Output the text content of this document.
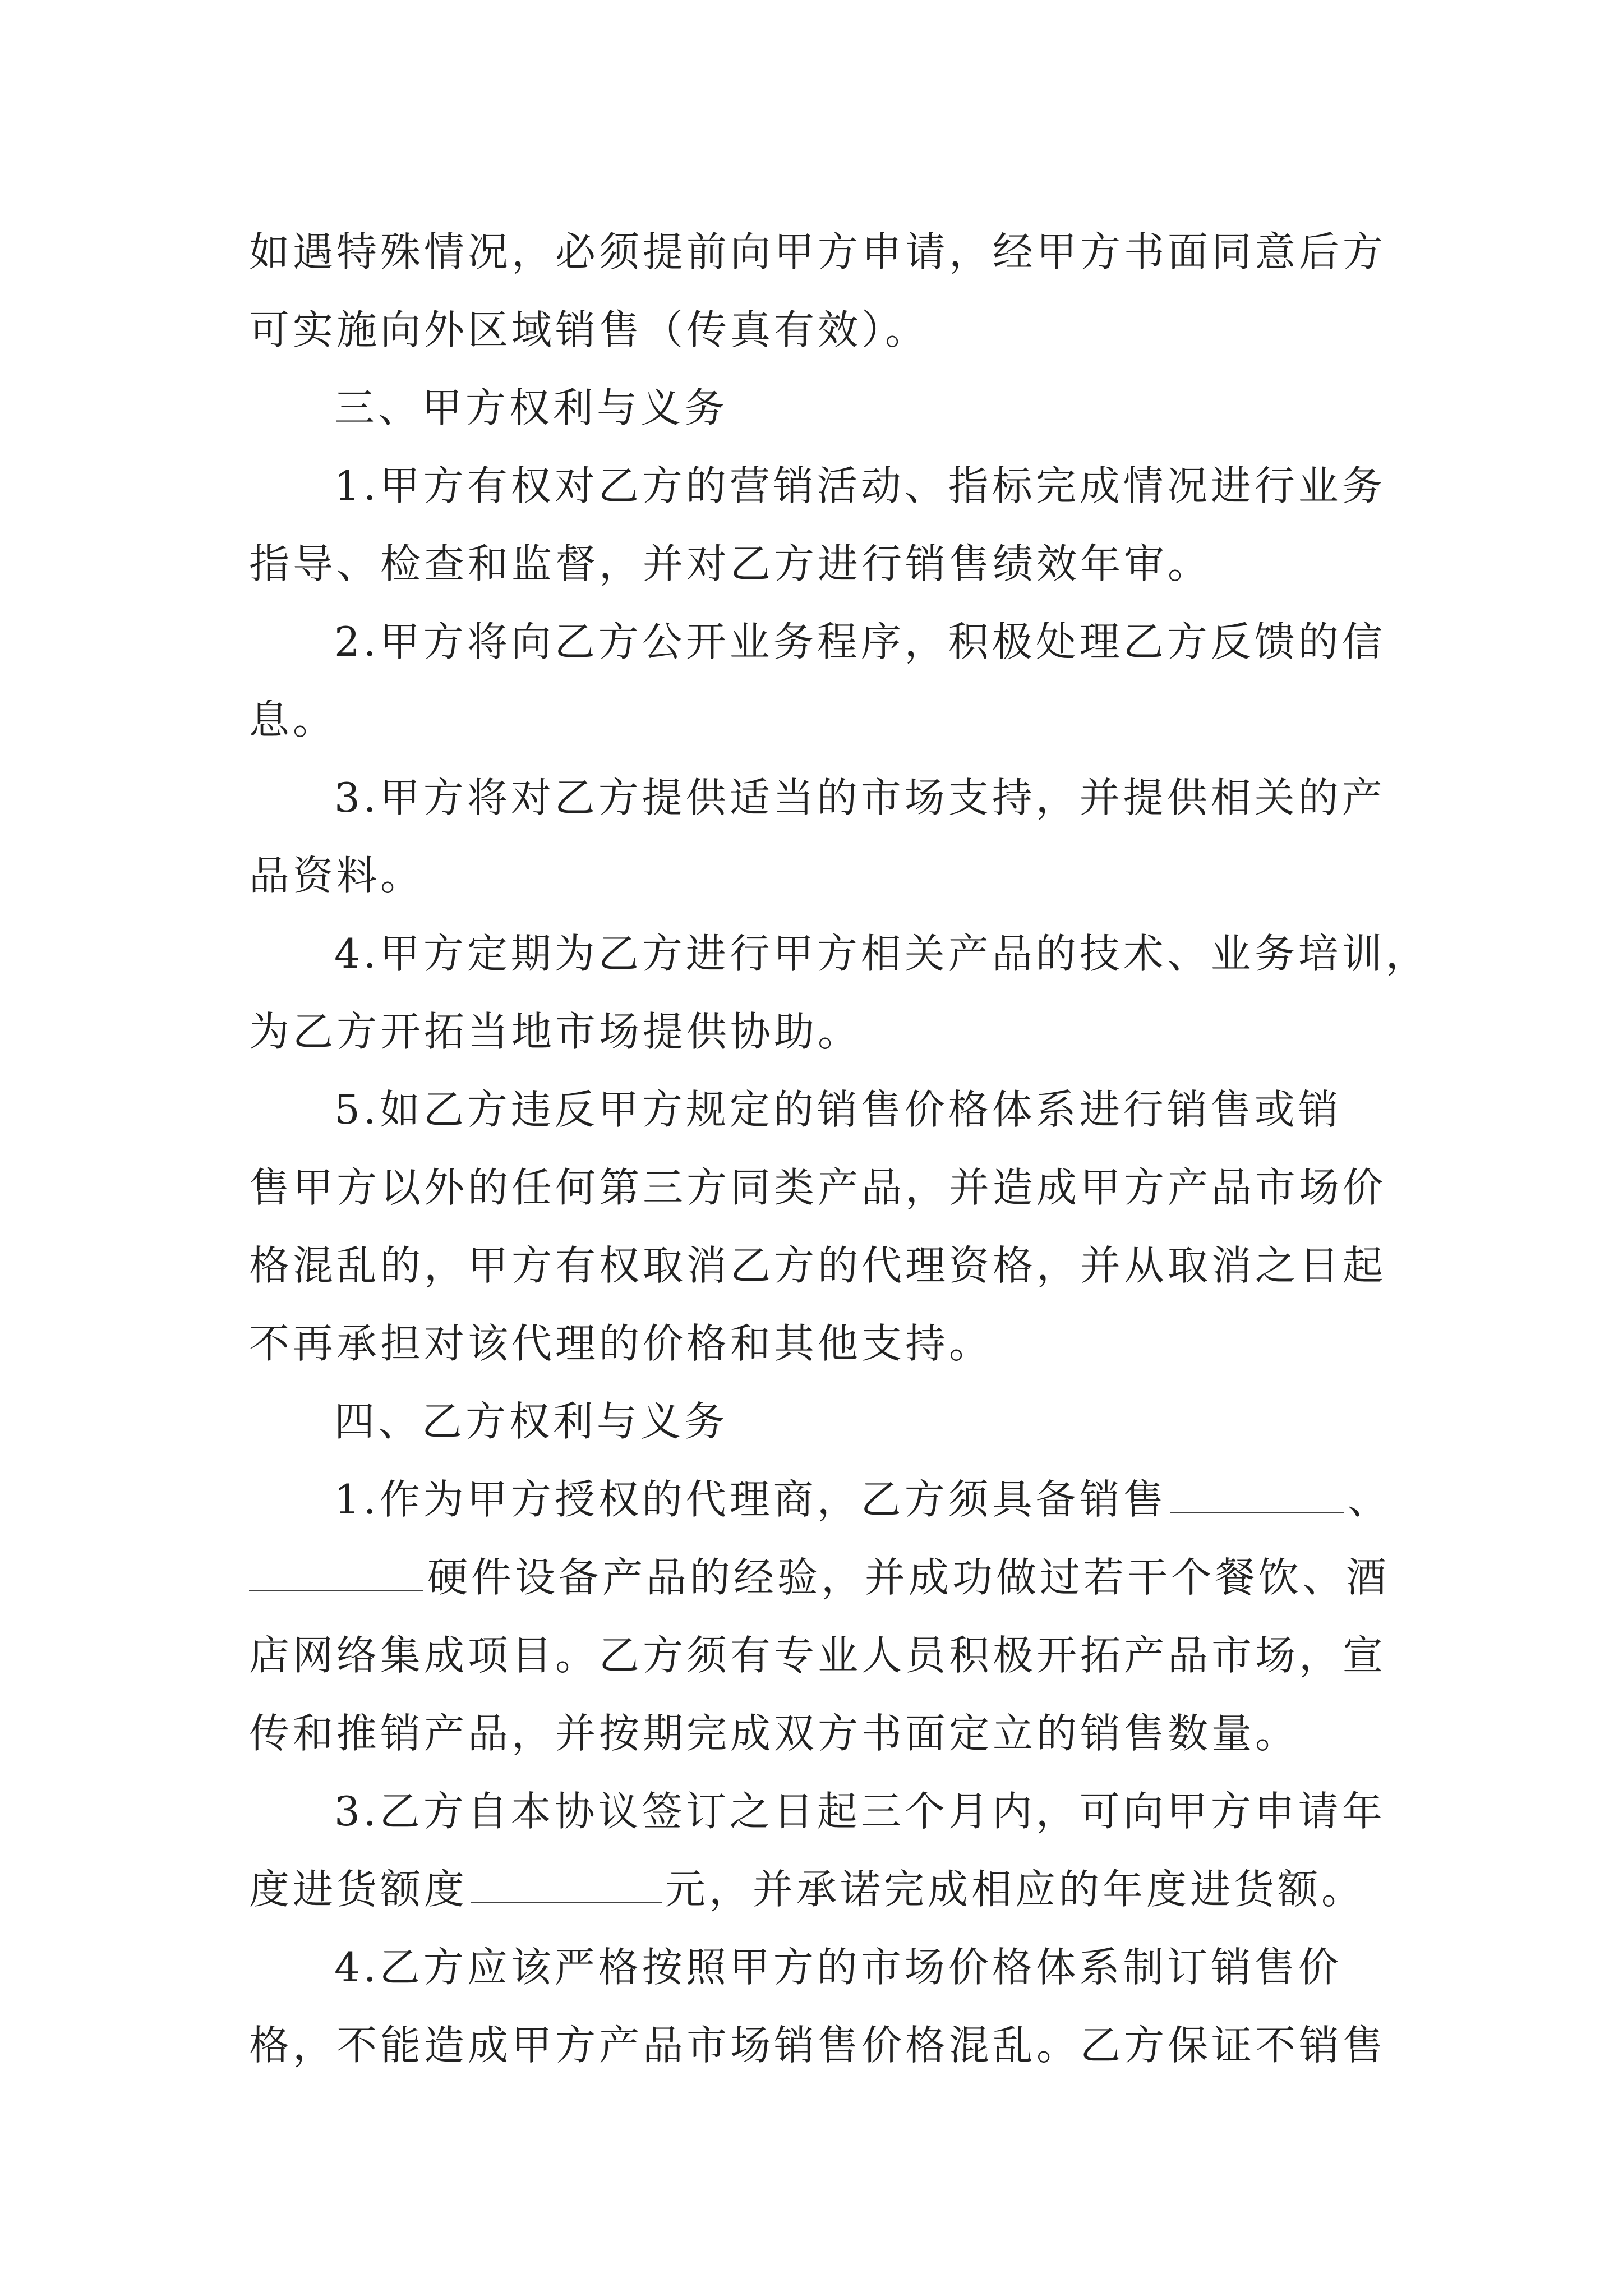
如遇特殊情况，必须提前向甲方申请，经甲方书面同意后方
可实施向外区域销售（传真有效）。
三、甲方权利与义务
1.甲方有权对乙方的营销活动、指标完成情况进行业务
指导、检查和监督，并对乙方进行销售绩效年审。
2.甲方将向乙方公开业务程序，积极处理乙方反馈的信
息。
3.甲方将对乙方提供适当的市场支持，并提供相关的产
品资料。
4.甲方定期为乙方进行甲方相关产品的技术、业务培训，
为乙方开拓当地市场提供协助。
5.如乙方违反甲方规定的销售价格体系进行销售或销
售甲方以外的任何第三方同类产品，并造成甲方产品市场价
格混乱的，甲方有权取消乙方的代理资格，并从取消之日起
不再承担对该代理的价格和其他支持。
四、乙方权利与义务
1.作为甲方授权的代理商，乙方须具备销售	、
硬件设备产品的经验，并成功做过若干个餐饮、酒
店网络集成项目。乙方须有专业人员积极开拓产品市场，宣
传和推销产品，并按期完成双方书面定立的销售数量。
3.乙方自本协议签订之日起三个月内，可向甲方申请年
度进货额度	元，并承诺完成相应的年度进货额。
4.乙方应该严格按照甲方的市场价格体系制订销售价
格，不能造成甲方产品市场销售价格混乱。乙方保证不销售
